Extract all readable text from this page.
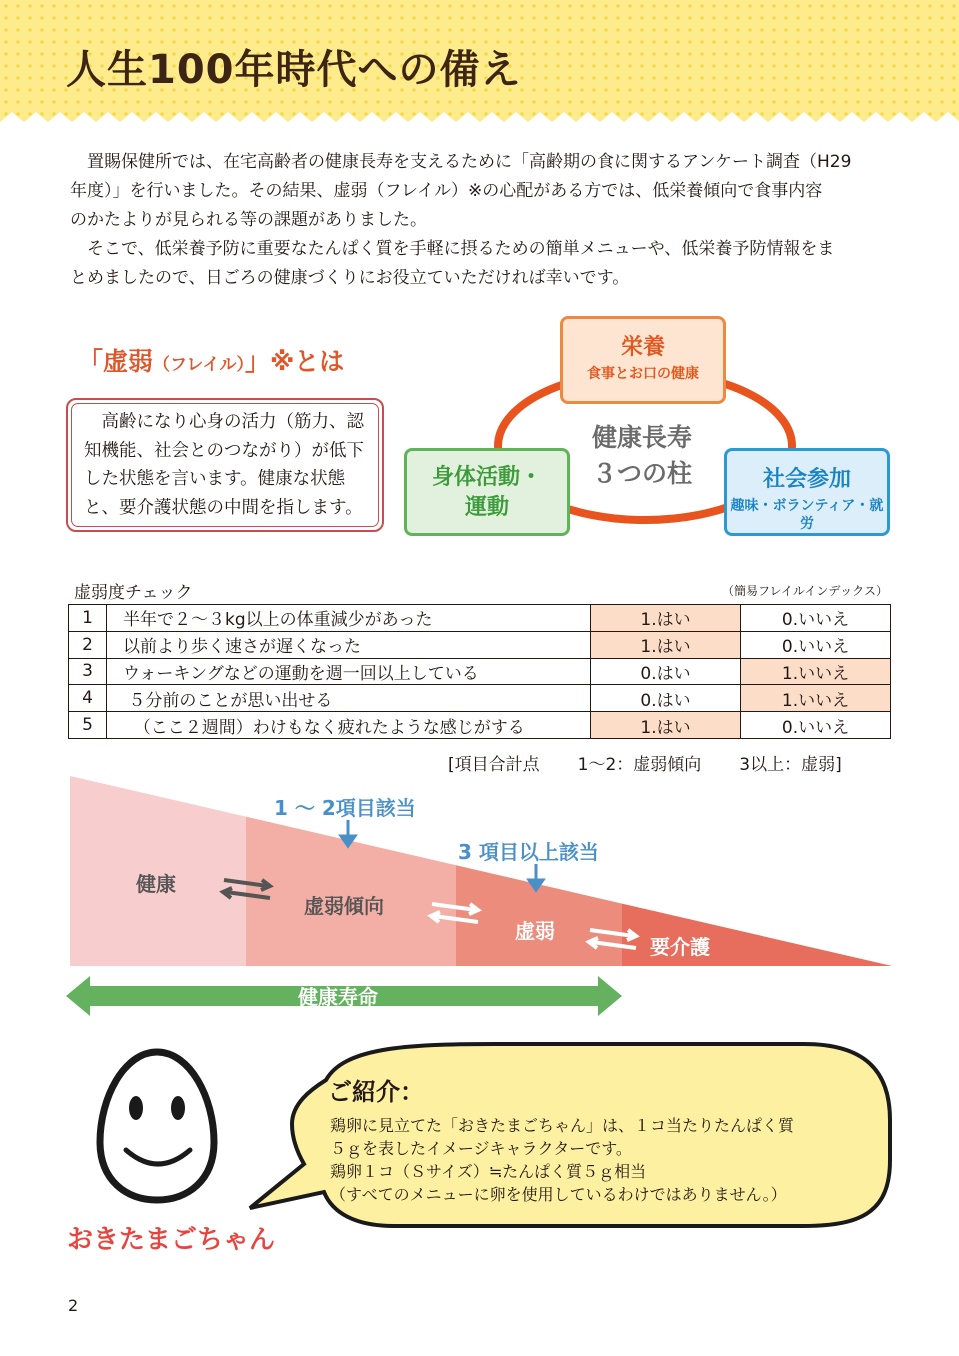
人生100年時代への備え
　置賜保健所では、在宅高齢者の健康長寿を支えるために「高齢期の食に関するアンケート調査（H29
年度）」を行いました。その結果、虚弱（フレイル）※の心配がある方では、低栄養傾向で食事内容
のかたよりが見られる等の課題がありました。
　そこで、低栄養予防に重要なたんぱく質を手軽に摂るための簡単メニューや、低栄養予防情報をま
とめましたので、日ごろの健康づくりにお役立ていただければ幸いです。
「虚弱（フレイル）」※とは
　高齢になり心身の活力（筋力、認
知機能、社会とのつながり）が低下
した状態を言います。健康な状態
と、要介護状態の中間を指します。
栄養
食事とお口の健康
身体活動・
運動
社会参加
趣味・ボランティア・就労
健康長寿
３つの柱
虚弱度チェック	（簡易フレイルインデックス）
1	半年で２～３kg以上の体重減少があった	1.はい	0.いいえ
2	以前より歩く速さが遅くなった	1.はい	0.いいえ
3	ウォーキングなどの運動を週一回以上している	0.はい	1.いいえ
4	５分前のことが思い出せる	0.はい	1.いいえ
5	（ここ２週間）わけもなく疲れたような感じがする	1.はい	0.いいえ
[項目合計点 1～2：虚弱傾向 3以上：虚弱]
1 ～ 2項目該当
3 項目以上該当
健康
虚弱傾向
虚弱
要介護
健康寿命
おきたまごちゃん
ご紹介：
鶏卵に見立てた「おきたまごちゃん」は、１コ当たりたんぱく質
５ｇを表したイメージキャラクターです。
鶏卵１コ（Ｓサイズ）≒たんぱく質５ｇ相当
（すべてのメニューに卵を使用しているわけではありません。）
2
